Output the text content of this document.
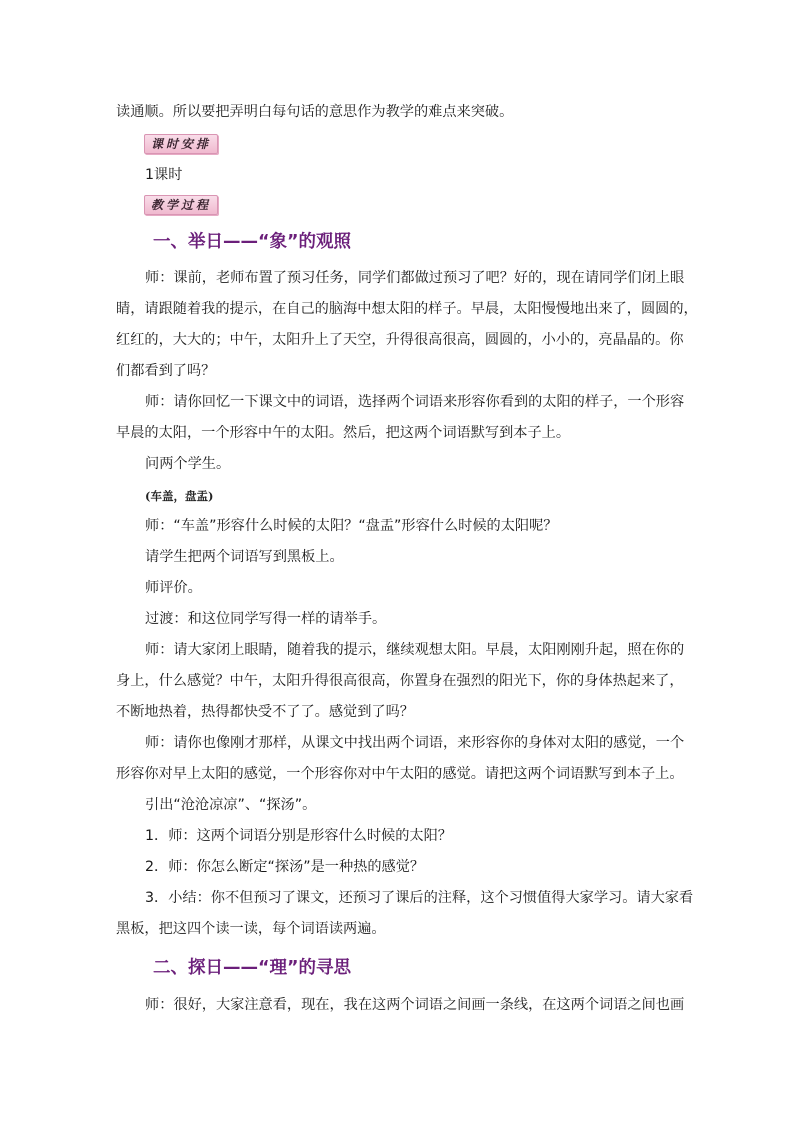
读通顺。所以要把弄明白每句话的意思作为教学的难点来突破。
课时安排
1课时
教学过程
一、举日——“象”的观照
师：课前，老师布置了预习任务，同学们都做过预习了吧？好的，现在请同学们闭上眼
睛，请跟随着我的提示，在自己的脑海中想太阳的样子。早晨，太阳慢慢地出来了，圆圆的，
红红的，大大的；中午，太阳升上了天空，升得很高很高，圆圆的，小小的，亮晶晶的。你
们都看到了吗？
师：请你回忆一下课文中的词语，选择两个词语来形容你看到的太阳的样子，一个形容
早晨的太阳，一个形容中午的太阳。然后，把这两个词语默写到本子上。
问两个学生。
(车盖，盘盂)
师：“车盖”形容什么时候的太阳？“盘盂”形容什么时候的太阳呢？
请学生把两个词语写到黑板上。
师评价。
过渡：和这位同学写得一样的请举手。
师：请大家闭上眼睛，随着我的提示，继续观想太阳。早晨，太阳刚刚升起，照在你的
身上，什么感觉？中午，太阳升得很高很高，你置身在强烈的阳光下，你的身体热起来了，
不断地热着，热得都快受不了了。感觉到了吗？
师：请你也像刚才那样，从课文中找出两个词语，来形容你的身体对太阳的感觉，一个
形容你对早上太阳的感觉，一个形容你对中午太阳的感觉。请把这两个词语默写到本子上。
引出“沧沧凉凉”、“探汤”。
1．师：这两个词语分别是形容什么时候的太阳？
2．师：你怎么断定“探汤”是一种热的感觉？
3．小结：你不但预习了课文，还预习了课后的注释，这个习惯值得大家学习。请大家看
黑板，把这四个读一读，每个词语读两遍。
二、探日——“理”的寻思
师：很好，大家注意看，现在，我在这两个词语之间画一条线，在这两个词语之间也画
